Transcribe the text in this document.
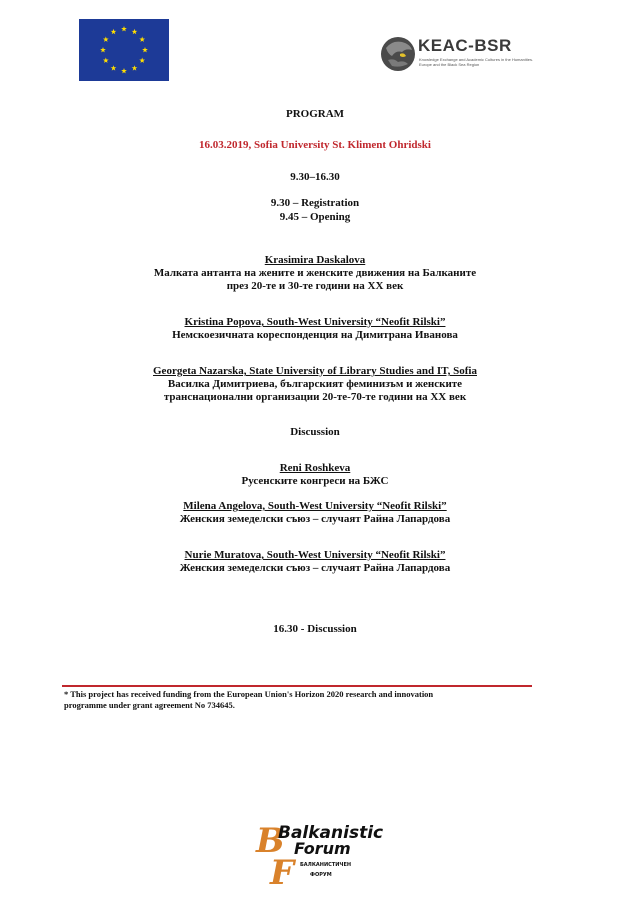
KEAC-BSR
Knowledge Exchange and Academic Cultures in the Humanities.
Europe and the Black Sea Region
PROGRAM
16.03.2019, Sofia University St. Kliment Ohridski
9.30–16.30
9.30 – Registration
9.45 – Opening
Krasimira Daskalova
Малката антанта на жените и женските движения на Балканите
през 20-те и 30-те години на XX век
Kristina Popova, South-West University “Neofit Rilski”
Немскоезичната кореспонденция на Димитрана Иванова
Georgeta Nazarska, State University of Library Studies and IT, Sofia
Василка Димитриева, българският феминизъм и женските
транснационални организации 20-те-70-те години на XX век
Discussion
Reni Roshkeva
Русенските конгреси на БЖС
Milena Angelova, South-West University “Neofit Rilski”
Женския земеделски съюз – случаят Райна Лапардова
Nurie Muratova, South-West University “Neofit Rilski”
Женския земеделски съюз – случаят Райна Лапардова
16.30 - Discussion
* This project has received funding from the European Union's Horizon 2020 research and innovation
programme under grant agreement No 734645.
B
F
Balkanistic
Forum
БАЛКАНИСТИЧЕН
ФОРУМ
